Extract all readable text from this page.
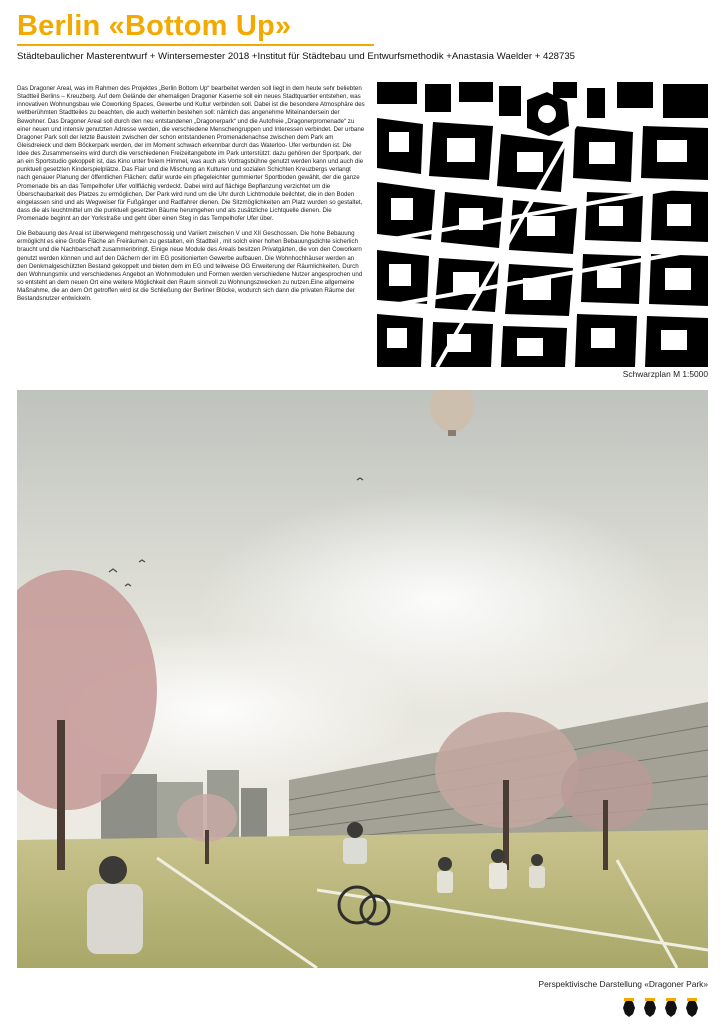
Berlin «Bottom Up»
Städtebaulicher Masterentwurf + Wintersemester 2018 +Institut für Städtebau und Entwurfsmethodik +Anastasia Waelder + 428735

Das Dragoner Areal, was im Rahmen des Projektes „Berlin Bottom Up“ bearbeitet werden soll liegt in dem heute sehr beliebten Stadtteil Berlins – Kreuzberg. Auf dem Gelände der ehemaligen Dragoner Kaserne soll ein neues Stadtquartier entstehen, was innovativen Wohnungsbau wie Coworking Spaces, Gewerbe und Kultur verbinden soll. Dabei ist die besondere Atmosphäre des weltberühmten Stadtteiles zu beachten, die auch weiterhin bestehen soll: nämlich das angenehme Miteinandersein der Bewohner. Das Dragoner Areal soll durch den neu entstandenen „Dragonerpark“ und die Autofreie „Dragonerpromenade“ zu einer neuen und intensiv genutzten Adresse werden, die verschiedene Menschengruppen und Interessen verbindet. Der urbane Dragoner Park soll der letzte Baustein zwischen der schon entstandenen Promenadenachse zwischen dem Park am Gleisdreieck und dem Böckerpark werden, der im Moment schwach erkennbar durch das Waterloo- Ufer verbunden ist. Die Idee des Zusammenseins wird durch die verschiedenen Freizeitangebote im Park unterstützt: dazu gehören der Sportpark, der an ein Sportstudio gekoppelt ist, das Kino unter freiem Himmel, was auch als Vortragsbühne genutzt werden kann und auch die punktuell gesetzten Kinderspielplätze. Das Flair und die Mischung an Kulturen und sozialen Schichten Kreuzbergs verlangt nach genauer Planung der öffentlichen Flächen: dafür wurde ein pflegeleichter gummierter Sportboden gewählt, der die ganze Promenade bis an das Tempelhofer Ufer vollflächig verdeckt. Dabei wird auf flächige Bepflanzung verzichtet um die Überschaubarkeit des Platzes zu ermöglichen. Der Park wird rund um die Uhr durch Lichtmodule beilchtet, die in den Boden eingelassen sind und als Wegweiser für Fußgänger und Radfahrer dienen. Die Sitzmöglichkeiten am Platz wurden so gestaltet, dass die als leuchtmittel um die punktuell gesetzten Bäume herumgehen und als zusätzliche Lichtquelle dienen. Die Promenade beginnt an der Yorkstraße und geht über einen Steg in das Tempelhofer Ufer über.

Die Bebauung des Areal ist überwiegend mehrgeschossig und Variiert zwischen V und XII Geschossen. Die hohe Bebauung ermöglicht es eine Große Fläche an Freiräumen zu gestalten, ein Stadtteil , mit solch einer hohen Bebauungsdichte sicherlich braucht und die Nachbarschaft zusammenbringt. Einige neue Module des Areals besitzen Privatgärten, die von den Coworkern genutzt werden können und auf den Dächern der im EG positionierten Gewerbe aufbauen. Die Wohnhochhäuser werden an den Denkmalgeschützten Bestand gekoppelt und bieten dem im EG und teilweise OG Erweiterung der Räumlichkeiten. Durch den Wohnungsmix und verschiedenes Angebot an Wohnmodulen und Formen werden verschiedene Nutzer angesprochen und so entsteht an dem neuen Ort eine weitere Möglichkeit den Raum sinnvoll zu Wohnungszwecken zu nutzen.Eine allgemeine Maßnahme, die an dem Ort getroffen wird ist die Schließung der Berliner Blöcke, wodurch sich dann die privaten Räume der Bestandsnutzer entwickeln.

Schwarzplan M 1:5000
Perspektivische Darstellung «Dragoner Park»
